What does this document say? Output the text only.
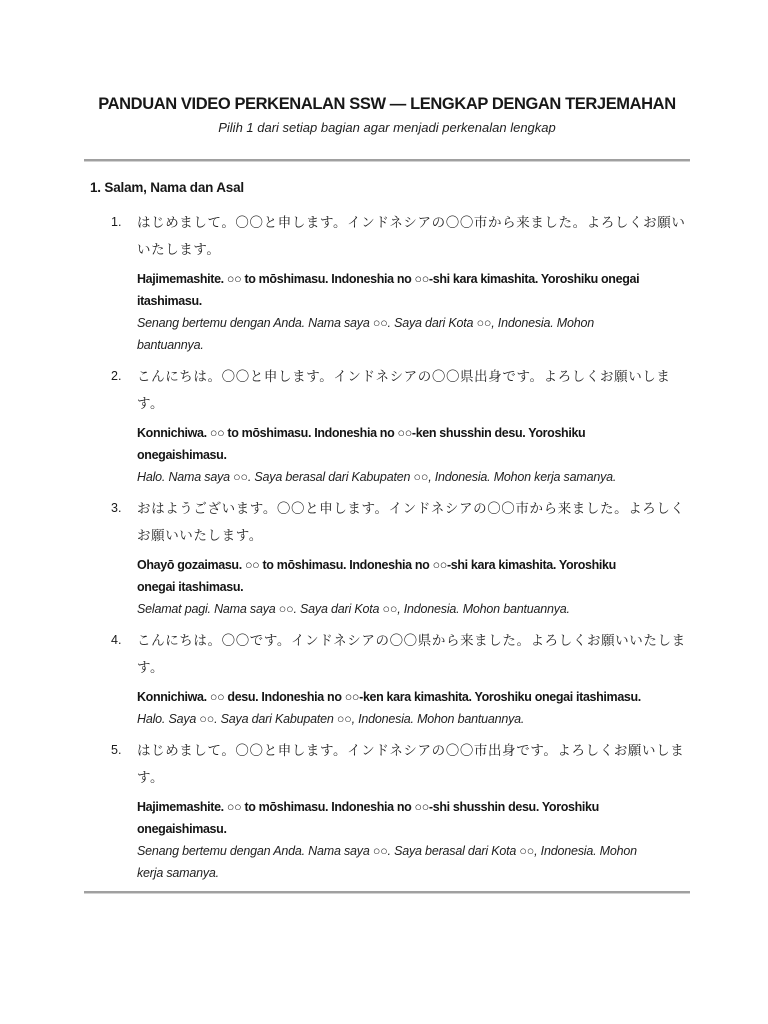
PANDUAN VIDEO PERKENALAN SSW — LENGKAP DENGAN TERJEMAHAN

Pilih 1 dari setiap bagian agar menjadi perkenalan lengkap

1. Salam, Nama dan Asal
1.	はじめまして。〇〇と申します。インドネシアの〇〇市から来ました。よろしくお願い
いたします。
Hajimemashite. ○○ to mōshimasu. Indoneshia no ○○-shi kara kimashita. Yoroshiku onegai
itashimasu.
Senang bertemu dengan Anda. Nama saya ○○. Saya dari Kota ○○, Indonesia. Mohon
bantuannya.
2.	こんにちは。〇〇と申します。インドネシアの〇〇県出身です。よろしくお願いしま
す。
Konnichiwa. ○○ to mōshimasu. Indoneshia no ○○-ken shusshin desu. Yoroshiku
onegaishimasu.
Halo. Nama saya ○○. Saya berasal dari Kabupaten ○○, Indonesia. Mohon kerja samanya.
3.	おはようございます。〇〇と申します。インドネシアの〇〇市から来ました。よろしく
お願いいたします。
Ohayō gozaimasu. ○○ to mōshimasu. Indoneshia no ○○-shi kara kimashita. Yoroshiku
onegai itashimasu.
Selamat pagi. Nama saya ○○. Saya dari Kota ○○, Indonesia. Mohon bantuannya.
4.	こんにちは。〇〇です。インドネシアの〇〇県から来ました。よろしくお願いいたしま
す。
Konnichiwa. ○○ desu. Indoneshia no ○○-ken kara kimashita. Yoroshiku onegai itashimasu.
Halo. Saya ○○. Saya dari Kabupaten ○○, Indonesia. Mohon bantuannya.
5.	はじめまして。〇〇と申します。インドネシアの〇〇市出身です。よろしくお願いしま
す。
Hajimemashite. ○○ to mōshimasu. Indoneshia no ○○-shi shusshin desu. Yoroshiku
onegaishimasu.
Senang bertemu dengan Anda. Nama saya ○○. Saya berasal dari Kota ○○, Indonesia. Mohon
kerja samanya.
